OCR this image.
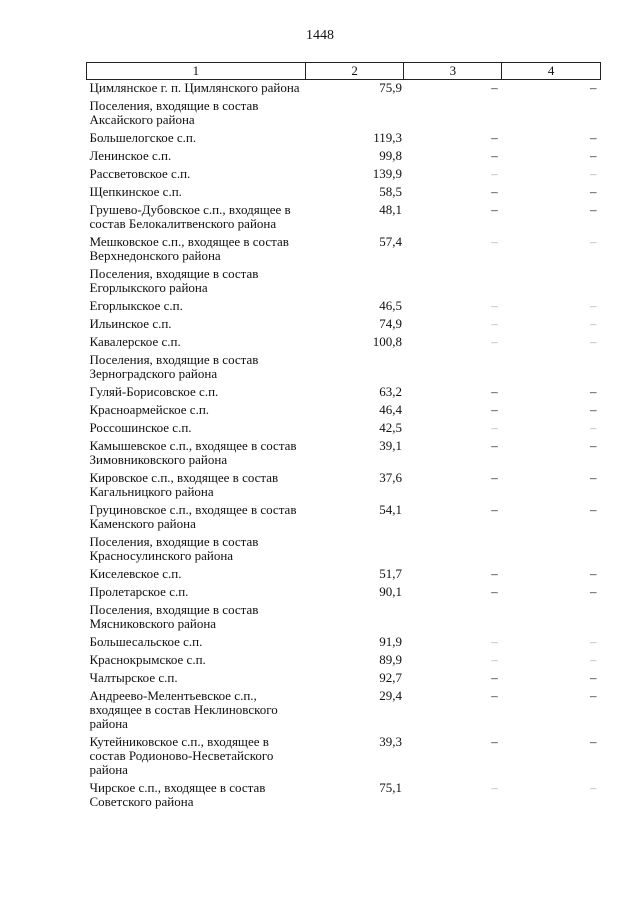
1448
1	2	3	4
Цимлянское г. п. Цимлянского района	75,9	–	–
Поселения, входящие в состав Аксайского района			
Большелогское с.п.	119,3	–	–
Ленинское с.п.	99,8	–	–
Рассветовское с.п.	139,9	–	–
Щепкинское с.п.	58,5	–	–
Грушево-Дубовское с.п., входящее в состав Белокалитвенского района	48,1	–	–
Мешковское с.п., входящее в состав Верхнедонского района	57,4	–	–
Поселения, входящие в состав Егорлыкского района			
Егорлыкское с.п.	46,5	–	–
Ильинское с.п.	74,9	–	–
Кавалерское с.п.	100,8	–	–
Поселения, входящие в состав Зерноградского района			
Гуляй-Борисовское с.п.	63,2	–	–
Красноармейское с.п.	46,4	–	–
Россошинское с.п.	42,5	–	–
Камышевское с.п., входящее в состав Зимовниковского района	39,1	–	–
Кировское с.п., входящее в состав Кагальницкого района	37,6	–	–
Груциновское с.п., входящее в состав Каменского района	54,1	–	–
Поселения, входящие в состав Красносулинского района			
Киселевское с.п.	51,7	–	–
Пролетарское с.п.	90,1	–	–
Поселения, входящие в состав Мясниковского района			
Большесальское с.п.	91,9	–	–
Краснокрымское с.п.	89,9	–	–
Чалтырское с.п.	92,7	–	–
Андреево-Мелентьевское с.п., входящее в состав Неклиновского района	29,4	–	–
Кутейниковское с.п., входящее в состав Родионово-Несветайского района	39,3	–	–
Чирское с.п., входящее в состав Советского района	75,1	–	–
